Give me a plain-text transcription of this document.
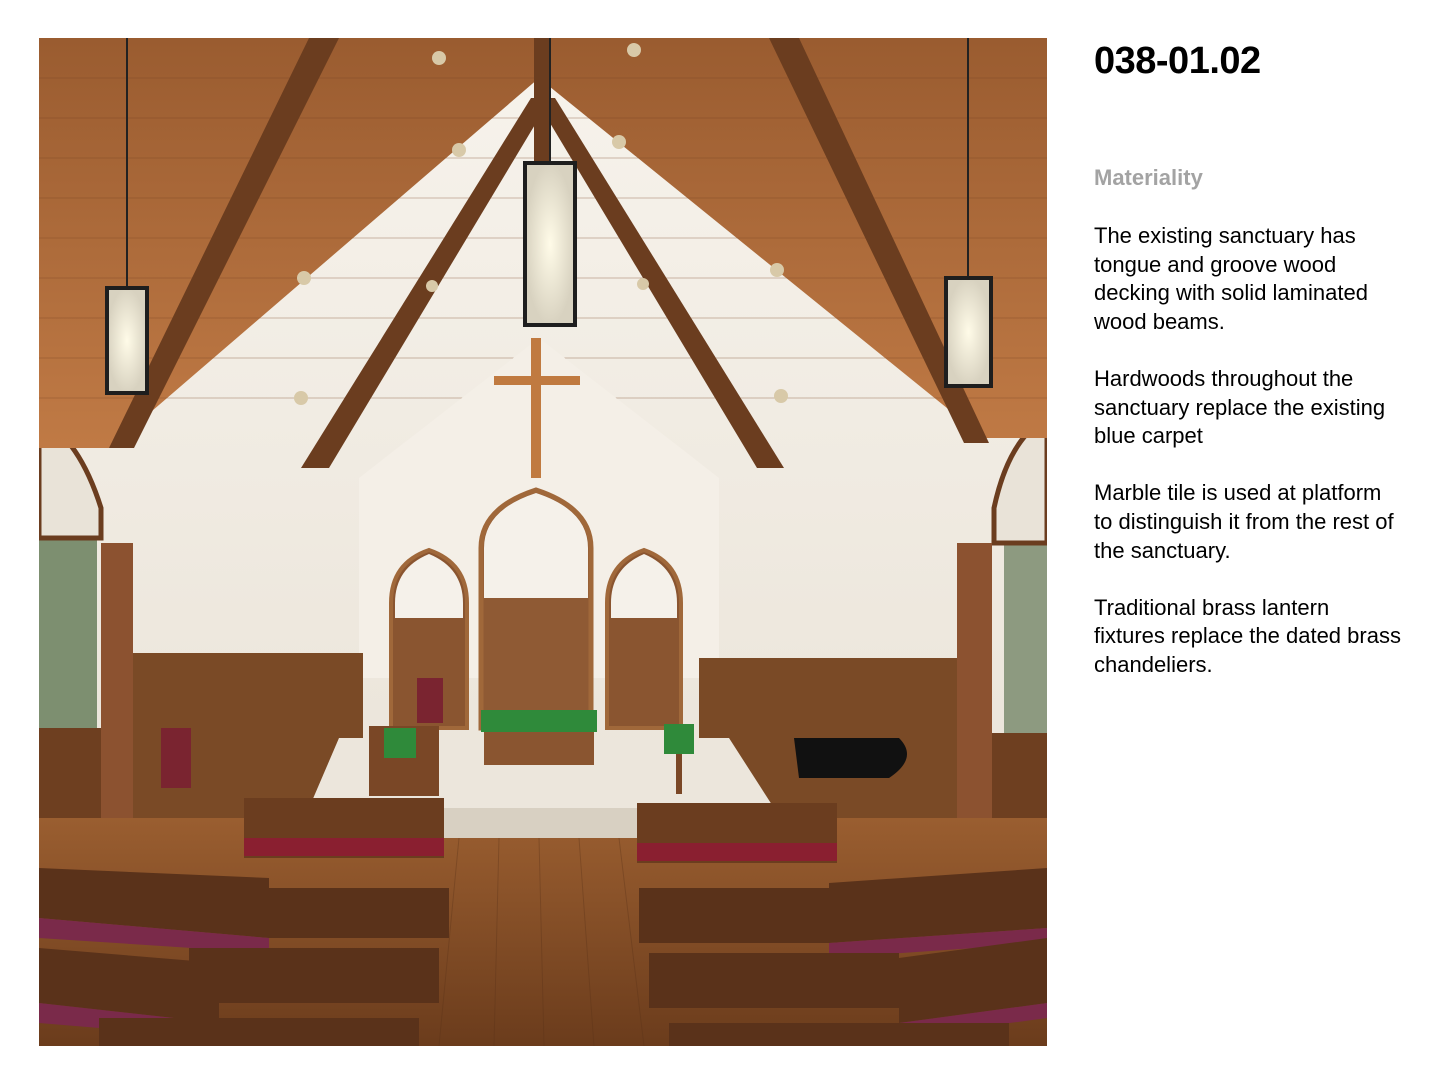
038-01.02
Materiality

The existing sanctuary has tongue and groove wood decking with solid laminated wood beams.

Hardwoods throughout the sanctuary replace the existing blue carpet

Marble tile is used at platform to distinguish it from the rest of the sanctuary.

Traditional brass lantern fixtures replace the dated brass chandeliers.
